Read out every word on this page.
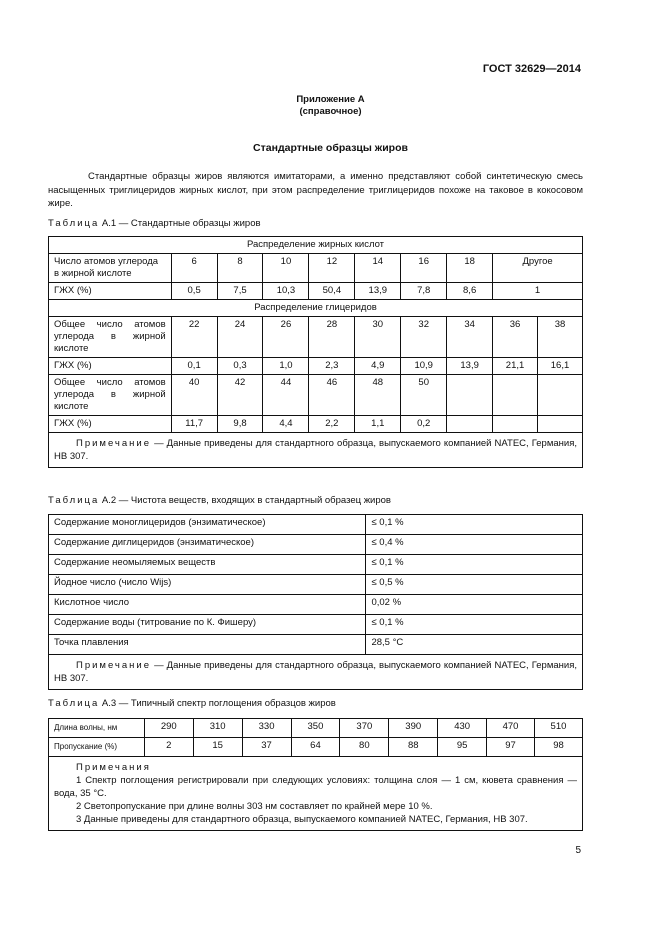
ГОСТ 32629—2014
Приложение А
(справочное)
Стандартные образцы жиров
Стандартные образцы жиров являются имитаторами, а именно представляют собой синтетическую смесь насыщенных триглицеридов жирных кислот, при этом распределение триглицеридов похоже на таковое в кокосовом жире.
Таблица А.1 — Стандартные образцы жиров
Распределение жирных кислот									
Число атомов углерода в жирной кислоте	6	8	10	12	14	16	18	Другое	
ГЖХ (%)	0,5	7,5	10,3	50,4	13,9	7,8	8,6	1	
Распределение глицеридов									
Общее число атомов углерода в жирной кислоте	22	24	26	28	30	32	34	36	38
ГЖХ (%)	0,1	0,3	1,0	2,3	4,9	10,9	13,9	21,1	16,1
Общее число атомов углерода в жирной кислоте	40	42	44	46	48	50			
ГЖХ (%)	11,7	9,8	4,4	2,2	1,1	0,2			
Примечание — Данные приведены для стандартного образца, выпускаемого компанией NATEC, Германия, НВ 307.									
Таблица А.2 — Чистота веществ, входящих в стандартный образец жиров
Содержание моноглицеридов (энзиматическое)	≤ 0,1 %
Содержание диглицеридов (энзиматическое)	≤ 0,4 %
Содержание неомыляемых веществ	≤ 0,1 %
Йодное число (число Wijs)	≤ 0,5 %
Кислотное число	0,02 %
Содержание воды (титрование по К. Фишеру)	≤ 0,1 %
Точка плавления	28,5 °С
Примечание — Данные приведены для стандартного образца, выпускаемого компанией NATEC, Германия, НВ 307.	
Таблица А.3 — Типичный спектр поглощения образцов жиров
Длина волны, нм	290	310	330	350	370	390	430	470	510
Пропускание (%)	2	15	37	64	80	88	95	97	98

Примечания
1 Спектр поглощения регистрировали при следующих условиях: толщина слоя — 1 см, кювета сравнения — вода, 35 °С.
2 Светопропускание при длине волны 303 нм составляет по крайней мере 10 %.
3 Данные приведены для стандартного образца, выпускаемого компанией NATEC, Германия, НВ 307.									
5
